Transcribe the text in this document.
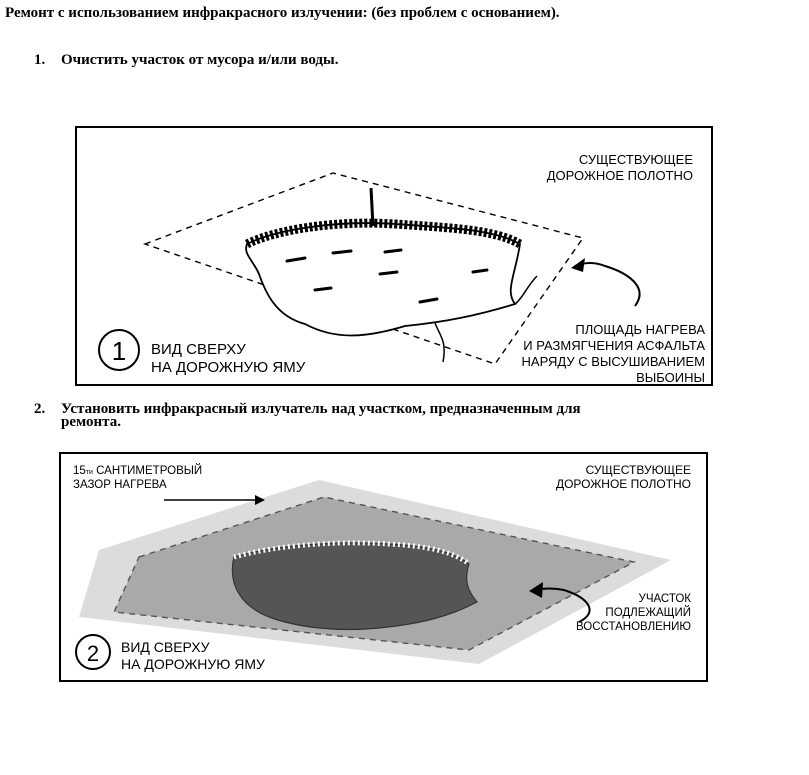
Ремонт с использованием инфракрасного излучении: (без проблем с основанием).
1. Очистить участок от мусора и/или воды.
1
СУЩЕСТВУЮЩЕЕ
ДОРОЖНОЕ ПОЛОТНО
ПЛОЩАДЬ НАГРЕВА
И РАЗМЯГЧЕНИЯ АСФАЛЬТА
НАРЯДУ С ВЫСУШИВАНИЕМ
ВЫБОИНЫ
ВИД СВЕРХУ
НА ДОРОЖНУЮ ЯМУ
2. Установить инфракрасный излучатель над участком, предназначенным для
ремонта.
2
15ти САНТИМЕТРОВЫЙ
ЗАЗОР НАГРЕВА
СУЩЕСТВУЮЩЕЕ
ДОРОЖНОЕ ПОЛОТНО
УЧАСТОК
ПОДЛЕЖАЩИЙ
ВОССТАНОВЛЕНИЮ
ВИД СВЕРХУ
НА ДОРОЖНУЮ ЯМУ
